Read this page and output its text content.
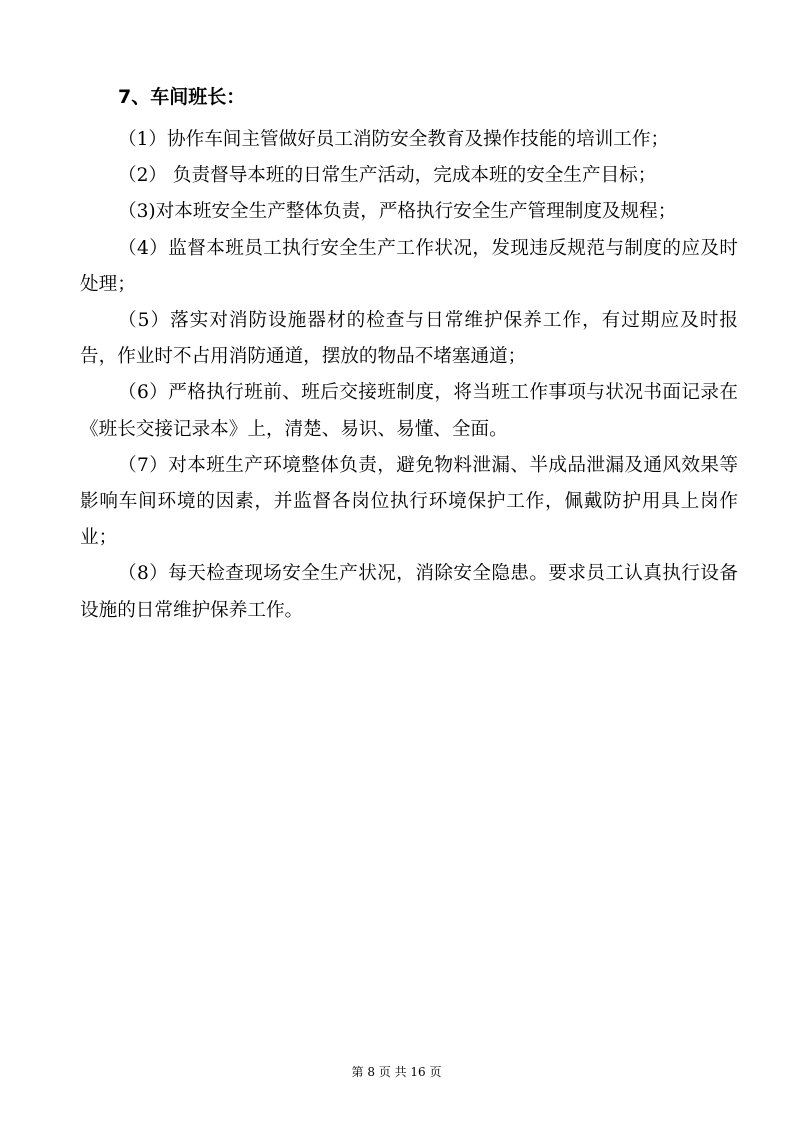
7、车间班长：

（1）协作车间主管做好员工消防安全教育及操作技能的培训工作；

（2） 负责督导本班的日常生产活动，完成本班的安全生产目标；

（3)对本班安全生产整体负责，严格执行安全生产管理制度及规程；

（4）监督本班员工执行安全生产工作状况，发现违反规范与制度的应及时处理；

（5）落实对消防设施器材的检查与日常维护保养工作，有过期应及时报告，作业时不占用消防通道，摆放的物品不堵塞通道；

（6）严格执行班前、班后交接班制度，将当班工作事项与状况书面记录在《班长交接记录本》上，清楚、易识、易懂、全面。

（7）对本班生产环境整体负责，避免物料泄漏、半成品泄漏及通风效果等影响车间环境的因素，并监督各岗位执行环境保护工作，佩戴防护用具上岗作业；

（8）每天检查现场安全生产状况，消除安全隐患。要求员工认真执行设备设施的日常维护保养工作。

第 8 页 共 16 页
